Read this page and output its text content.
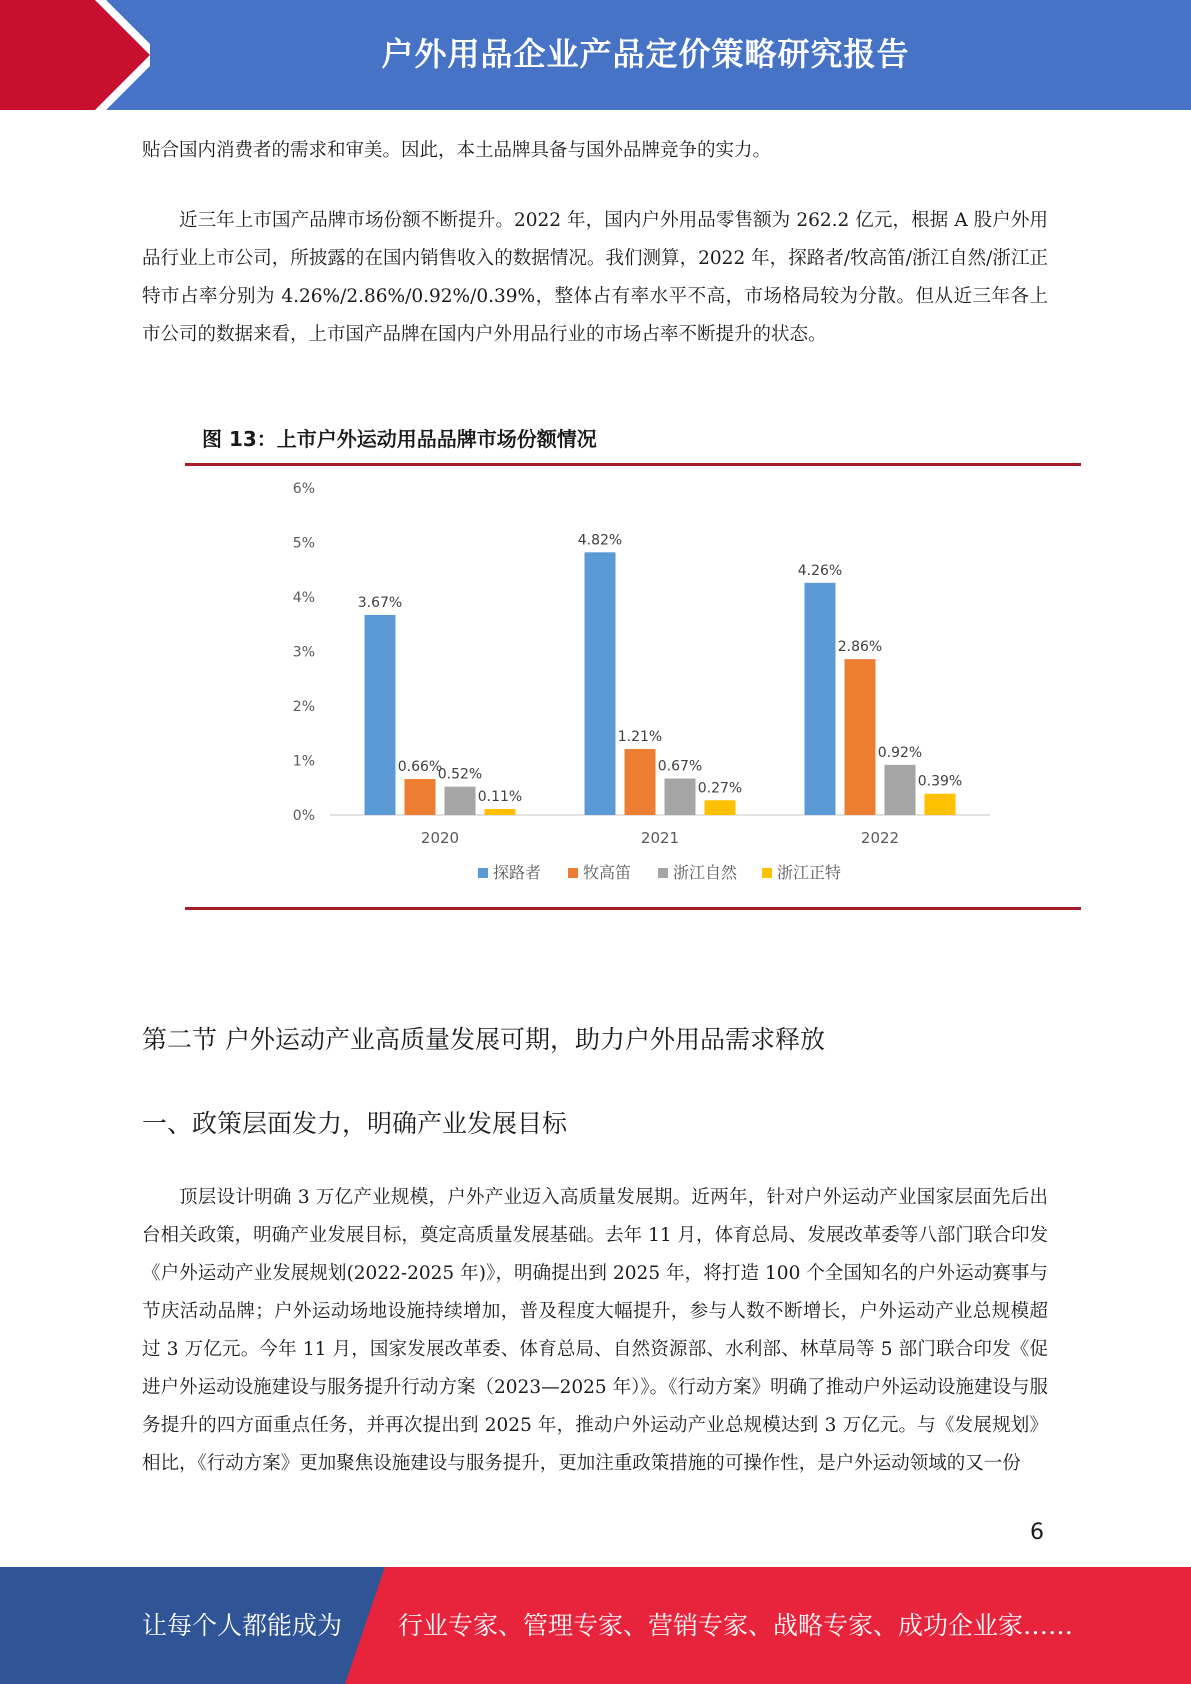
户外用品企业产品定价策略研究报告

贴合国内消费者的需求和审美。因此，本土品牌具备与国外品牌竞争的实力。

近三年上市国产品牌市场份额不断提升。2022 年，国内户外用品零售额为 262.2 亿元，根据 A 股户外用品行业上市公司，所披露的在国内销售收入的数据情况。我们测算，2022 年，探路者/牧高笛/浙江自然/浙江正特市占率分别为 4.26%/2.86%/0.92%/0.39%，整体占有率水平不高，市场格局较为分散。但从近三年各上市公司的数据来看，上市国产品牌在国内户外用品行业的市场占率不断提升的状态。

图 13：上市户外运动用品品牌市场份额情况
0%
1%
2%
3%
4%
5%
6%
3.67%
0.66%
0.52%
0.11%
2020
4.82%
1.21%
0.67%
0.27%
2021
4.26%
2.86%
0.92%
0.39%
2022
探路者	牧高笛	浙江自然 浙江正特
第二节 户外运动产业高质量发展可期，助力户外用品需求释放
一、政策层面发力，明确产业发展目标

顶层设计明确 3 万亿产业规模，户外产业迈入高质量发展期。近两年，针对户外运动产业国家层面先后出台相关政策，明确产业发展目标，奠定高质量发展基础。去年 11 月，体育总局、发展改革委等八部门联合印发《户外运动产业发展规划(2022-2025 年)》，明确提出到 2025 年，将打造 100 个全国知名的户外运动赛事与节庆活动品牌；户外运动场地设施持续增加，普及程度大幅提升，参与人数不断增长，户外运动产业总规模超过 3 万亿元。今年 11 月，国家发展改革委、体育总局、自然资源部、水利部、林草局等 5 部门联合印发《促进户外运动设施建设与服务提升行动方案（2023—2025 年）》。《行动方案》明确了推动户外运动设施建设与服务提升的四方面重点任务，并再次提出到 2025 年，推动户外运动产业总规模达到 3 万亿元。与《发展规划》相比，《行动方案》更加聚焦设施建设与服务提升，更加注重政策措施的可操作性，是户外运动领域的又一份

6
让每个人都能成为 行业专家、管理专家、营销专家、战略专家、成功企业家……
